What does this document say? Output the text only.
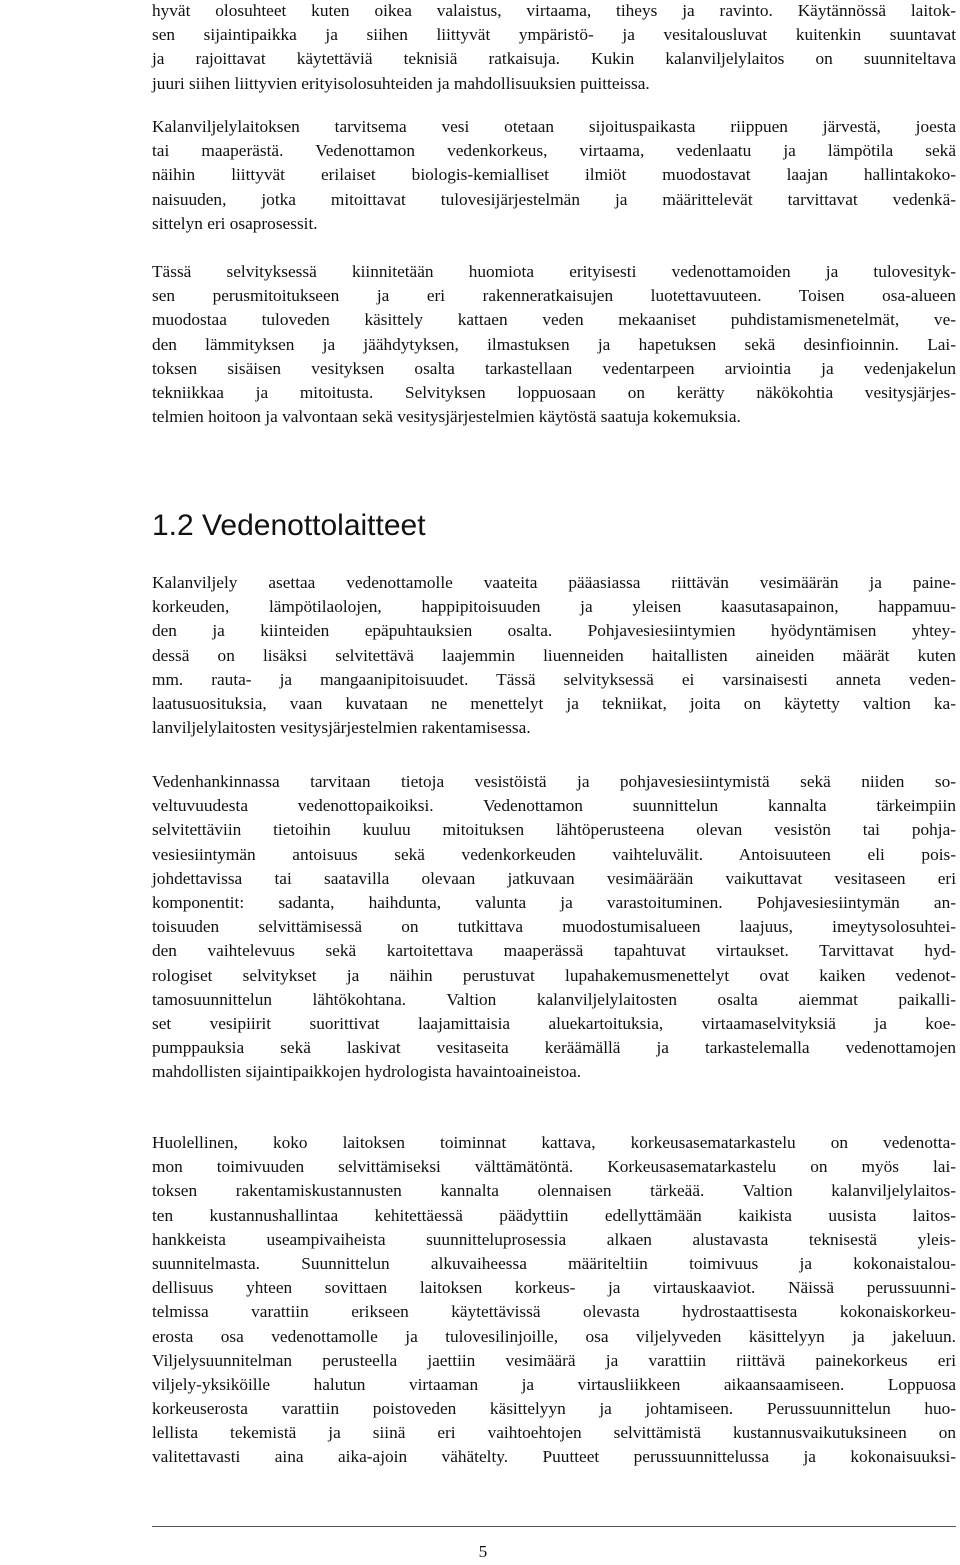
hyvät olosuhteet kuten oikea valaistus, virtaama, tiheys ja ravinto. Käytännössä laitok-
sen sijaintipaikka ja siihen liittyvät ympäristö- ja vesitalousluvat kuitenkin suuntavat
ja rajoittavat käytettäviä teknisiä ratkaisuja. Kukin kalanviljelylaitos on suunniteltava
juuri siihen liittyvien erityisolosuhteiden ja mahdollisuuksien puitteissa.

Kalanviljelylaitoksen tarvitsema vesi otetaan sijoituspaikasta riippuen järvestä, joesta
tai maaperästä. Vedenottamon vedenkorkeus, virtaama, vedenlaatu ja lämpötila sekä
näihin liittyvät erilaiset biologis-kemialliset ilmiöt muodostavat laajan hallintakoko-
naisuuden, jotka mitoittavat tulovesijärjestelmän ja määrittelevät tarvittavat vedenkä-
sittelyn eri osaprosessit.

Tässä selvityksessä kiinnitetään huomiota erityisesti vedenottamoiden ja tulovesityk-
sen perusmitoitukseen ja eri rakenneratkaisujen luotettavuuteen. Toisen osa-alueen
muodostaa tuloveden käsittely kattaen veden mekaaniset puhdistamismenetelmät, ve-
den lämmityksen ja jäähdytyksen, ilmastuksen ja hapetuksen sekä desinfioinnin. Lai-
toksen sisäisen vesityksen osalta tarkastellaan vedentarpeen arviointia ja vedenjakelun
tekniikkaa ja mitoitusta. Selvityksen loppuosaan on kerätty näkökohtia vesitysjärjes-
telmien hoitoon ja valvontaan sekä vesitysjärjestelmien käytöstä saatuja kokemuksia.

1.2 Vedenottolaitteet

Kalanviljely asettaa vedenottamolle vaateita pääasiassa riittävän vesimäärän ja paine-
korkeuden, lämpötilaolojen, happipitoisuuden ja yleisen kaasutasapainon, happamuu-
den ja kiinteiden epäpuhtauksien osalta. Pohjavesiesiintymien hyödyntämisen yhtey-
dessä on lisäksi selvitettävä laajemmin liuenneiden haitallisten aineiden määrät kuten
mm. rauta- ja mangaanipitoisuudet. Tässä selvityksessä ei varsinaisesti anneta veden-
laatusuosituksia, vaan kuvataan ne menettelyt ja tekniikat, joita on käytetty valtion ka-
lanviljelylaitosten vesitysjärjestelmien rakentamisessa.

Vedenhankinnassa tarvitaan tietoja vesistöistä ja pohjavesiesiintymistä sekä niiden so-
veltuvuudesta vedenottopaikoiksi. Vedenottamon suunnittelun kannalta tärkeimpiin
selvitettäviin tietoihin kuuluu mitoituksen lähtöperusteena olevan vesistön tai pohja-
vesiesiintymän antoisuus sekä vedenkorkeuden vaihteluvälit. Antoisuuteen eli pois-
johdettavissa tai saatavilla olevaan jatkuvaan vesimäärään vaikuttavat vesitaseen eri
komponentit: sadanta, haihdunta, valunta ja varastoituminen. Pohjavesiesiintymän an-
toisuuden selvittämisessä on tutkittava muodostumisalueen laajuus, imeytysolosuhtei-
den vaihtelevuus sekä kartoitettava maaperässä tapahtuvat virtaukset. Tarvittavat hyd-
rologiset selvitykset ja näihin perustuvat lupahakemusmenettelyt ovat kaiken vedenot-
tamosuunnittelun lähtökohtana. Valtion kalanviljelylaitosten osalta aiemmat paikalli-
set vesipiirit suorittivat laajamittaisia aluekartoituksia, virtaamaselvityksiä ja koe-
pumppauksia sekä laskivat vesitaseita keräämällä ja tarkastelemalla vedenottamojen
mahdollisten sijaintipaikkojen hydrologista havaintoaineistoa.

Huolellinen, koko laitoksen toiminnat kattava, korkeusasematarkastelu on vedenotta-
mon toimivuuden selvittämiseksi välttämätöntä. Korkeusasematarkastelu on myös lai-
toksen rakentamiskustannusten kannalta olennaisen tärkeää. Valtion kalanviljelylaitos-
ten kustannushallintaa kehitettäessä päädyttiin edellyttämään kaikista uusista laitos-
hankkeista useampivaiheista suunnitteluprosessia alkaen alustavasta teknisestä yleis-
suunnitelmasta. Suunnittelun alkuvaiheessa määriteltiin toimivuus ja kokonaistalou-
dellisuus yhteen sovittaen laitoksen korkeus- ja virtauskaaviot. Näissä perussuunni-
telmissa varattiin erikseen käytettävissä olevasta hydrostaattisesta kokonaiskorkeu-
erosta osa vedenottamolle ja tulovesilinjoille, osa viljelyveden käsittelyyn ja jakeluun.
Viljelysuunnitelman perusteella jaettiin vesimäärä ja varattiin riittävä painekorkeus eri
viljely-yksiköille halutun virtaaman ja virtausliikkeen aikaansaamiseen. Loppuosa
korkeuserosta varattiin poistoveden käsittelyyn ja johtamiseen. Perussuunnittelun huo-
lellista tekemistä ja siinä eri vaihtoehtojen selvittämistä kustannusvaikutuksineen on
valitettavasti aina aika-ajoin vähätelty. Puutteet perussuunnittelussa ja kokonaisuuksi-

5
